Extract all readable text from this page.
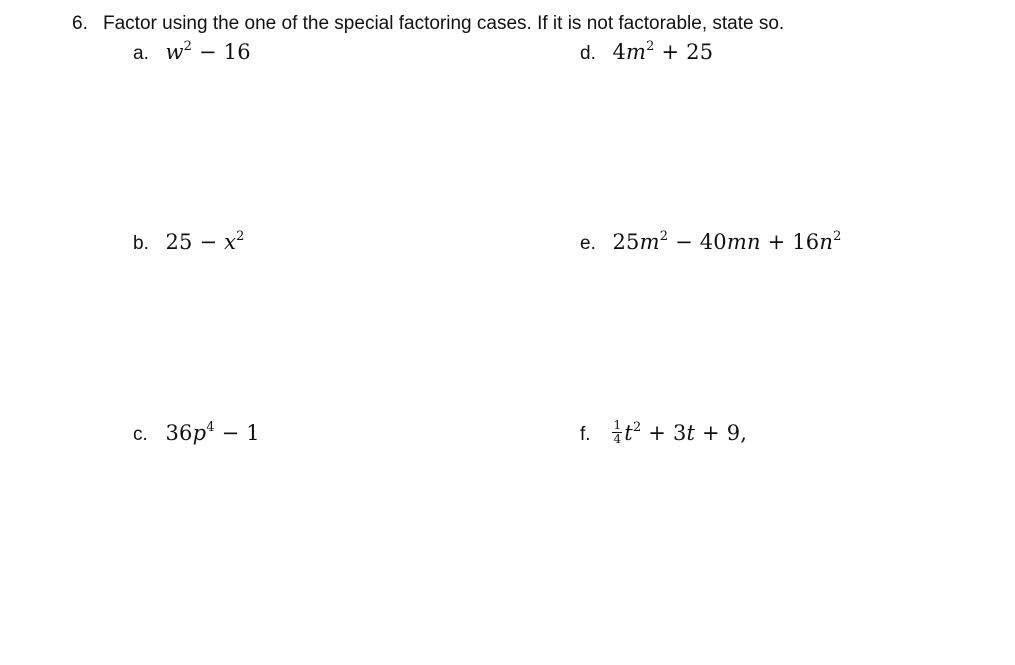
6. Factor using the one of the special factoring cases. If it is not factorable, state so.
a. $w^2 - 16$	d. $4m^2 + 25$
b. $25 - x^2$	e. $25m^2 - 40mn + 16n^2$
c. $36p^4 - 1$	f. $\frac{1}{4} t^2 + 3t + 9$,
